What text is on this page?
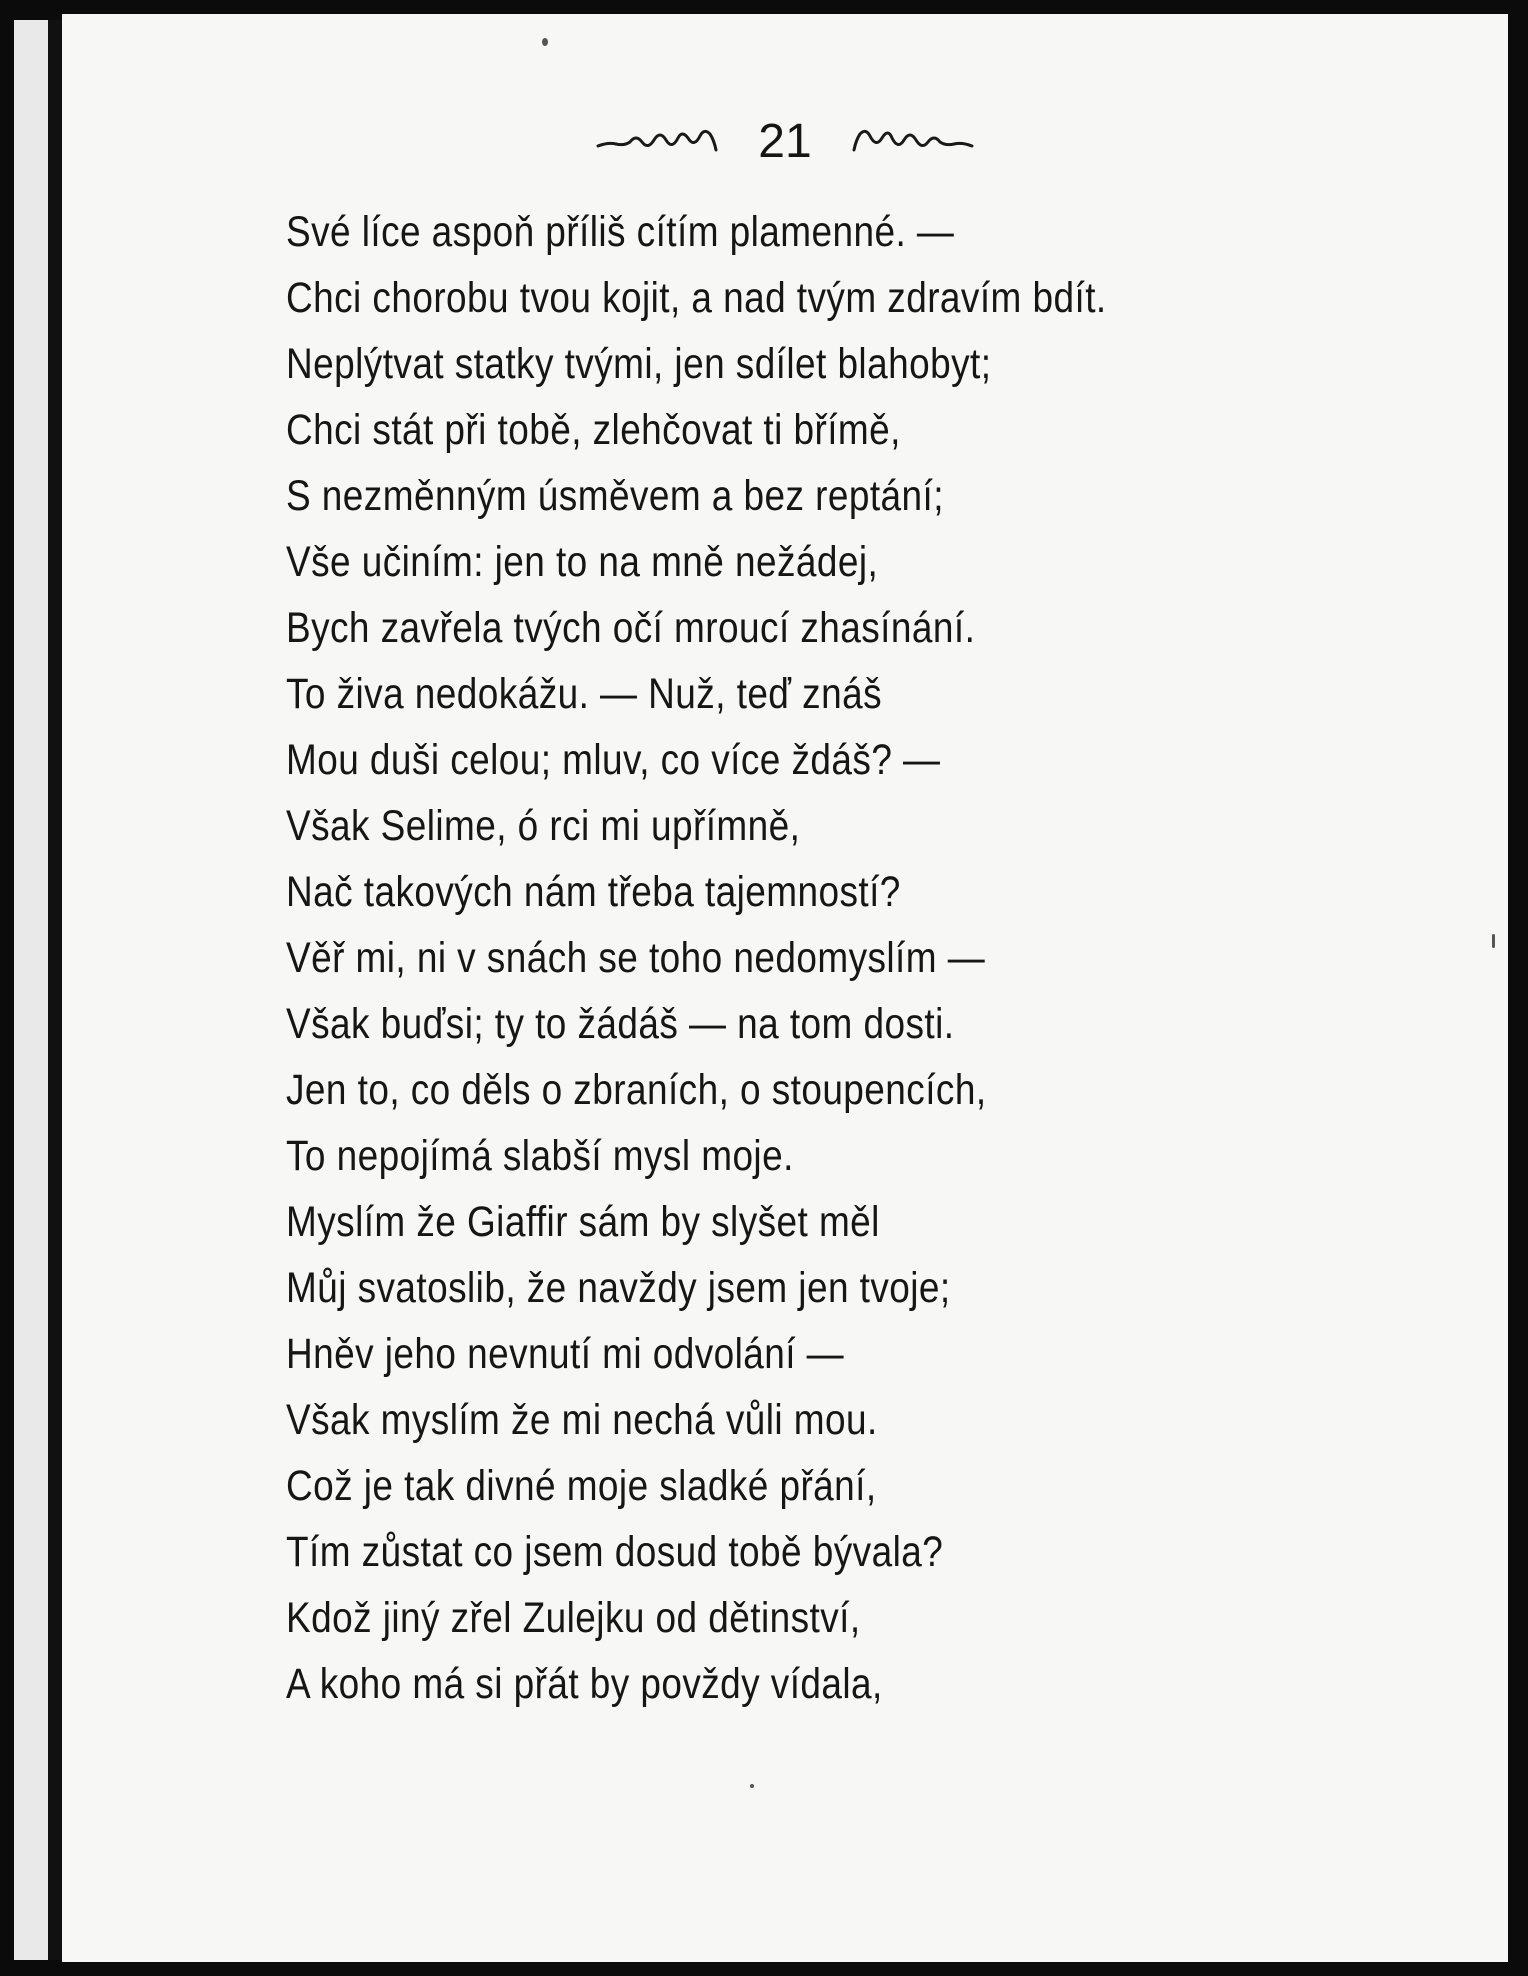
21
Své líce aspoň příliš cítím plamenné. —
Chci chorobu tvou kojit, a nad tvým zdravím bdít.
Neplýtvat statky tvými, jen sdílet blahobyt;
Chci stát při tobě, zlehčovat ti břímě,
S nezměnným úsměvem a bez reptání;
Vše učiním: jen to na mně nežádej,
Bych zavřela tvých očí mroucí zhasínání.
To živa nedokážu. — Nuž, teď znáš
Mou duši celou; mluv, co více ždáš? —
Však Selime, ó rci mi upřímně,
Nač takových nám třeba tajemností?
Věř mi, ni v snách se toho nedomyslím —
Však buďsi; ty to žádáš — na tom dosti.
Jen to, co děls o zbraních, o stoupencích,
To nepojímá slabší mysl moje.
Myslím že Giaffir sám by slyšet měl
Můj svatoslib, že navždy jsem jen tvoje;
Hněv jeho nevnutí mi odvolání —
Však myslím že mi nechá vůli mou.
Což je tak divné moje sladké přání,
Tím zůstat co jsem dosud tobě bývala?
Kdož jiný zřel Zulejku od dětinství,
A koho má si přát by povždy vídala,
